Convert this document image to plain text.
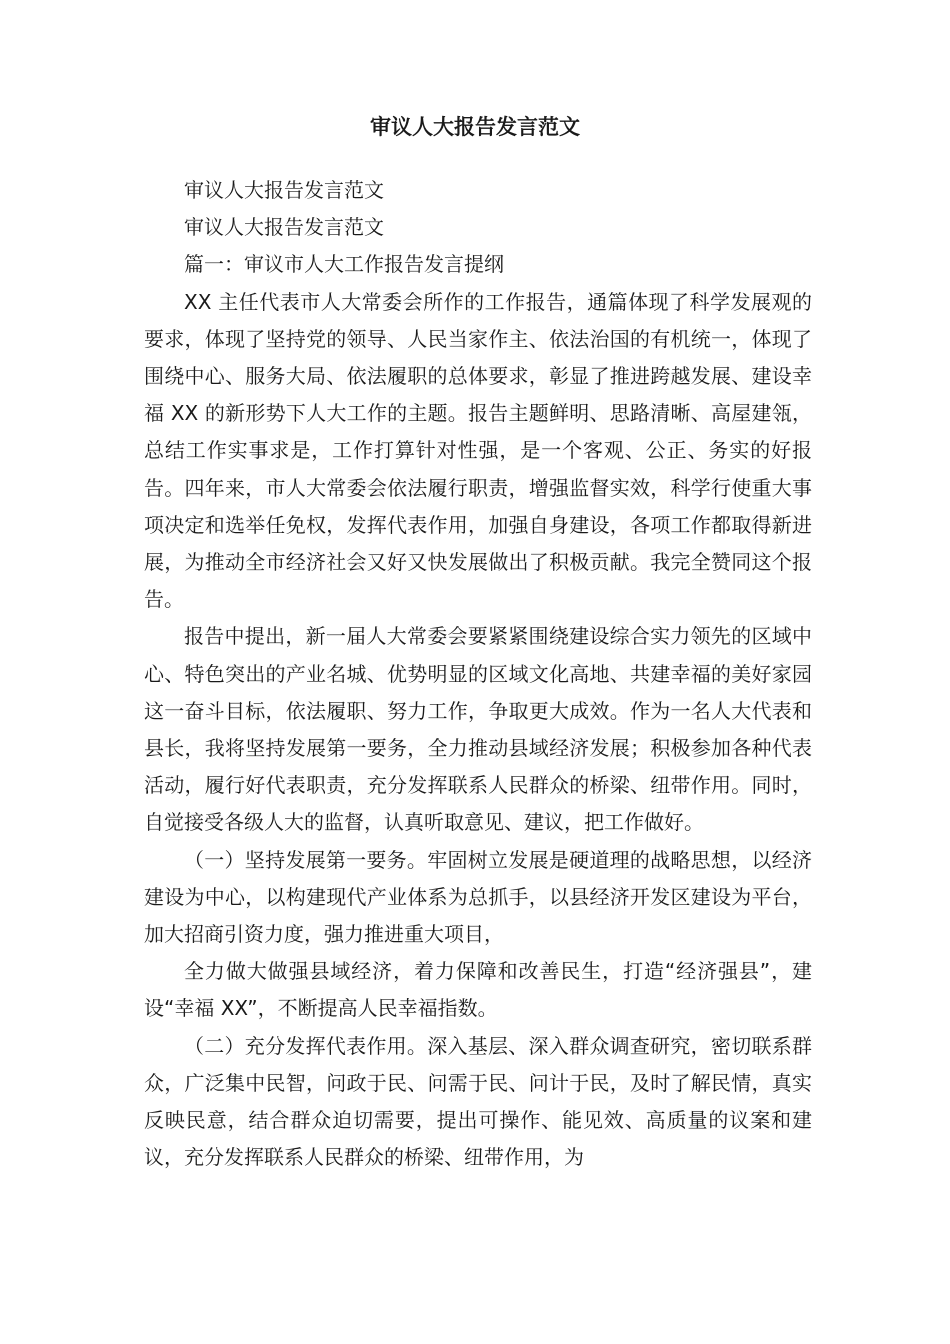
审议人大报告发言范文

审议人大报告发言范文

审议人大报告发言范文

篇一：审议市人大工作报告发言提纲

XX 主任代表市人大常委会所作的工作报告，通篇体现了科学发展观的要求，体现了坚持党的领导、人民当家作主、依法治国的有机统一，体现了围绕中心、服务大局、依法履职的总体要求，彰显了推进跨越发展、建设幸福 XX 的新形势下人大工作的主题。报告主题鲜明、思路清晰、高屋建瓴，总结工作实事求是，工作打算针对性强，是一个客观、公正、务实的好报告。四年来，市人大常委会依法履行职责，增强监督实效，科学行使重大事项决定和选举任免权，发挥代表作用，加强自身建设，各项工作都取得新进展，为推动全市经济社会又好又快发展做出了积极贡献。我完全赞同这个报告。

报告中提出，新一届人大常委会要紧紧围绕建设综合实力领先的区域中心、特色突出的产业名城、优势明显的区域文化高地、共建幸福的美好家园这一奋斗目标，依法履职、努力工作，争取更大成效。作为一名人大代表和县长，我将坚持发展第一要务，全力推动县域经济发展；积极参加各种代表活动，履行好代表职责，充分发挥联系人民群众的桥梁、纽带作用。同时，自觉接受各级人大的监督，认真听取意见、建议，把工作做好。

（一）坚持发展第一要务。牢固树立发展是硬道理的战略思想，以经济建设为中心，以构建现代产业体系为总抓手，以县经济开发区建设为平台，加大招商引资力度，强力推进重大项目，

全力做大做强县域经济，着力保障和改善民生，打造“经济强县”，建设“幸福 XX”，不断提高人民幸福指数。

（二）充分发挥代表作用。深入基层、深入群众调查研究，密切联系群众，广泛集中民智，问政于民、问需于民、问计于民，及时了解民情，真实反映民意，结合群众迫切需要，提出可操作、能见效、高质量的议案和建议，充分发挥联系人民群众的桥梁、纽带作用，为
